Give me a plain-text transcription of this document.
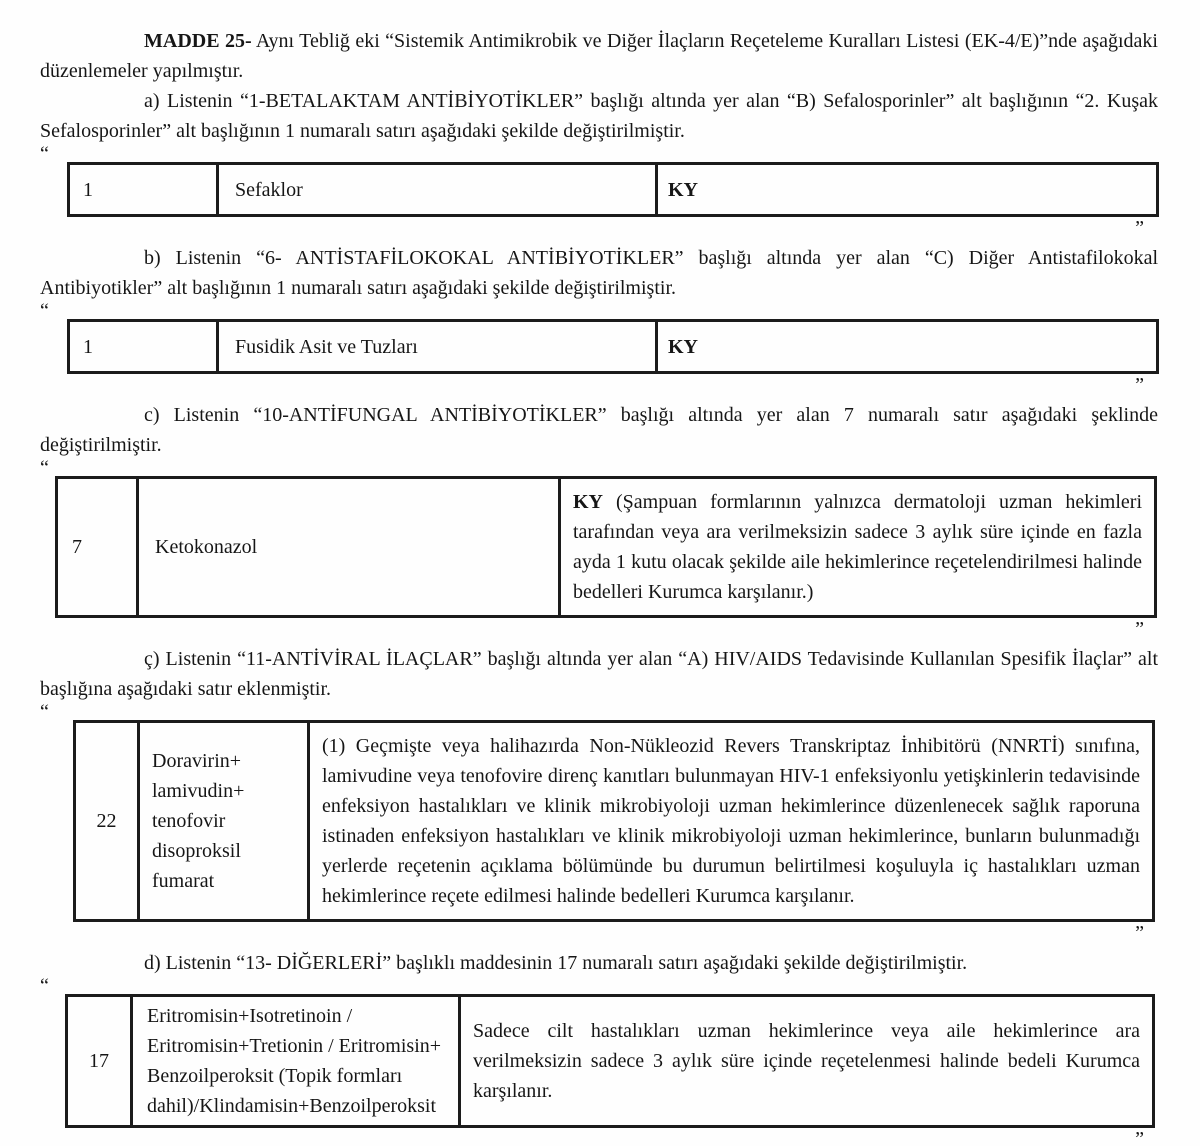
MADDE 25- Aynı Tebliğ eki “Sistemik Antimikrobik ve Diğer İlaçların Reçeteleme Kuralları Listesi (EK-4/E)”nde aşağıdaki düzenlemeler yapılmıştır.

a) Listenin “1-BETALAKTAM ANTİBİYOTİKLER” başlığı altında yer alan “B) Sefalosporinler” alt başlığının “2. Kuşak Sefalosporinler” alt başlığının 1 numaralı satırı aşağıdaki şekilde değiştirilmiştir.

“
1	Sefaklor	KY
”

b) Listenin “6- ANTİSTAFİLOKOKAL ANTİBİYOTİKLER” başlığı altında yer alan “C) Diğer Antistafilokokal Antibiyotikler” alt başlığının 1 numaralı satırı aşağıdaki şekilde değiştirilmiştir.

“
1	Fusidik Asit ve Tuzları	KY
”

c) Listenin “10-ANTİFUNGAL ANTİBİYOTİKLER” başlığı altında yer alan 7 numaralı satır aşağıdaki şeklinde değiştirilmiştir.

“
7	Ketokonazol	KY (Şampuan formlarının yalnızca dermatoloji uzman hekimleri tarafından veya ara verilmeksizin sadece 3 aylık süre içinde en fazla ayda 1 kutu olacak şekilde aile hekimlerince reçetelendirilmesi halinde bedelleri Kurumca karşılanır.)
”

ç) Listenin “11-ANTİVİRAL İLAÇLAR” başlığı altında yer alan “A) HIV/AIDS Tedavisinde Kullanılan Spesifik İlaçlar” alt başlığına aşağıdaki satır eklenmiştir.

“
22	Doravirin+ lamivudin+ tenofovir disoproksil fumarat	(1) Geçmişte veya halihazırda Non-Nükleozid Revers Transkriptaz İnhibitörü (NNRTİ) sınıfına, lamivudine veya tenofovire direnç kanıtları bulunmayan HIV-1 enfeksiyonlu yetişkinlerin tedavisinde enfeksiyon hastalıkları ve klinik mikrobiyoloji uzman hekimlerince düzenlenecek sağlık raporuna istinaden enfeksiyon hastalıkları ve klinik mikrobiyoloji uzman hekimlerince, bunların bulunmadığı yerlerde reçetenin açıklama bölümünde bu durumun belirtilmesi koşuluyla iç hastalıkları uzman hekimlerince reçete edilmesi halinde bedelleri Kurumca karşılanır.
”

d) Listenin “13- DİĞERLERİ” başlıklı maddesinin 17 numaralı satırı aşağıdaki şekilde değiştirilmiştir.

“
17	Eritromisin+Isotretinoin / Eritromisin+Tretionin / Eritromisin+ Benzoilperoksit (Topik formları dahil)/Klindamisin+Benzoilperoksit	Sadece cilt hastalıkları uzman hekimlerince veya aile hekimlerince ara verilmeksizin sadece 3 aylık süre içinde reçetelenmesi halinde bedeli Kurumca karşılanır.
”
